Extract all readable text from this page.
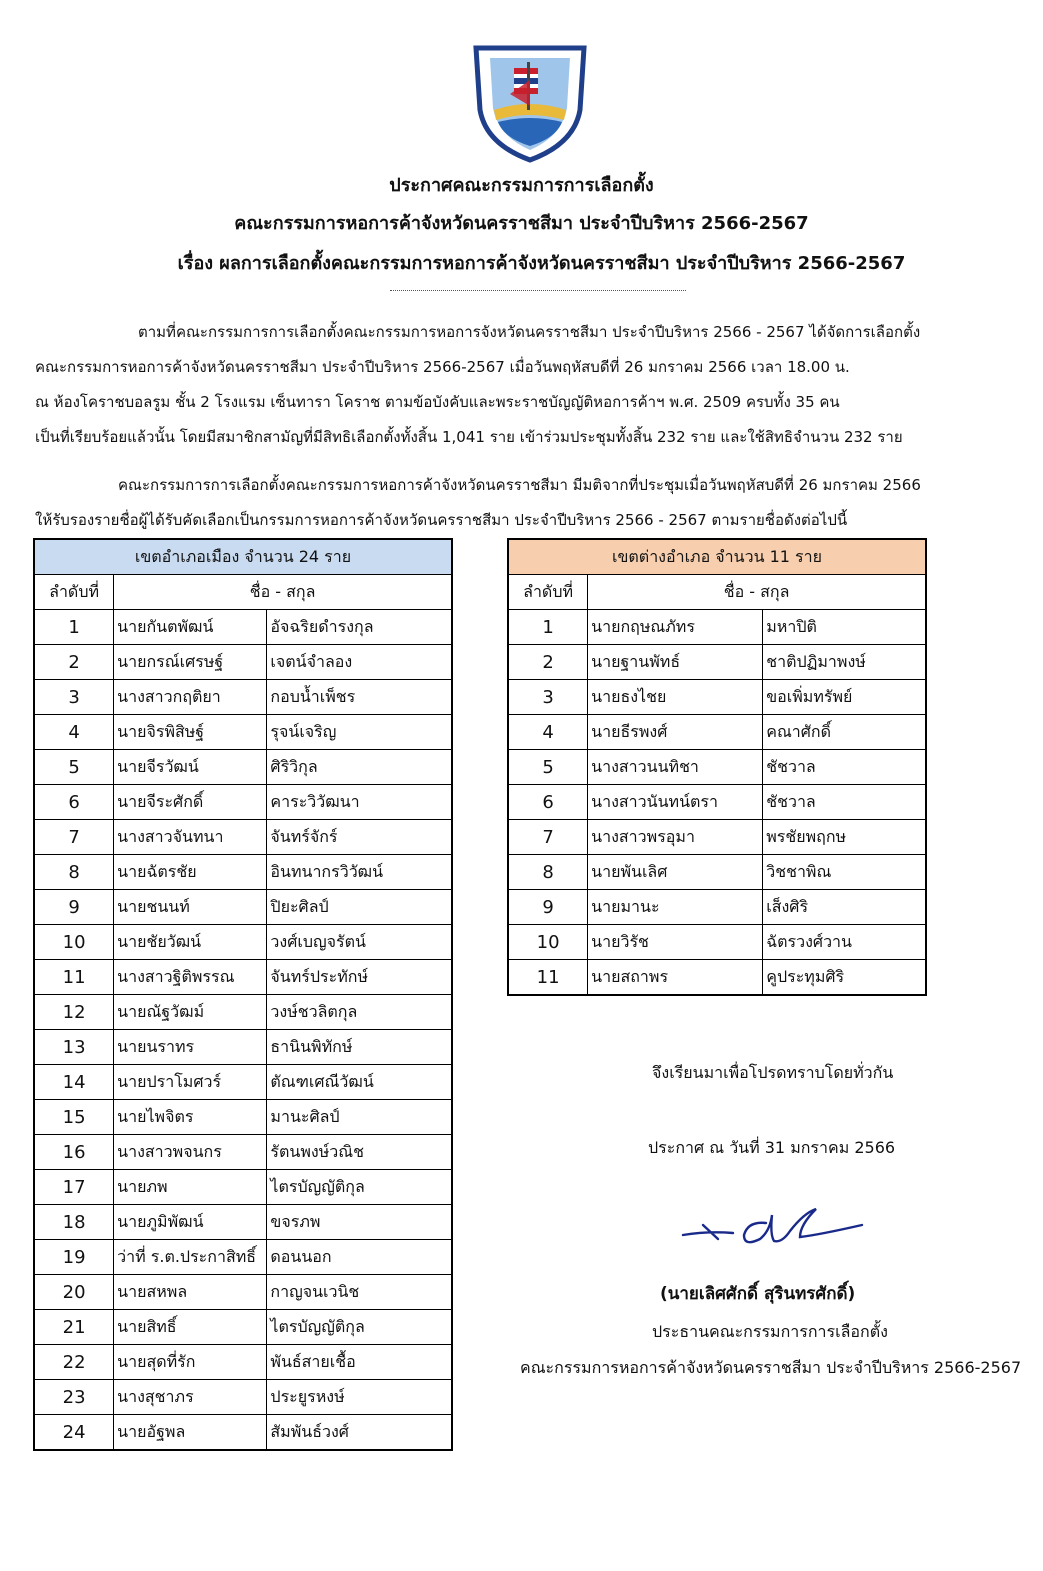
ประกาศคณะกรรมการการเลือกตั้ง
คณะกรรมการหอการค้าจังหวัดนครราชสีมา ประจำปีบริหาร 2566-2567
เรื่อง ผลการเลือกตั้งคณะกรรมการหอการค้าจังหวัดนครราชสีมา ประจำปีบริหาร 2566-2567
ตามที่คณะกรรมการการเลือกตั้งคณะกรรมการหอการจังหวัดนครราชสีมา ประจำปีบริหาร 2566 - 2567 ได้จัดการเลือกตั้ง
คณะกรรมการหอการค้าจังหวัดนครราชสีมา ประจำปีบริหาร 2566-2567 เมื่อวันพฤหัสบดีที่ 26 มกราคม 2566 เวลา 18.00 น.
ณ ห้องโคราชบอลรูม ชั้น 2 โรงแรม เซ็นทารา โคราช ตามข้อบังคับและพระราชบัญญัติหอการค้าฯ พ.ศ. 2509 ครบทั้ง 35 คน
เป็นที่เรียบร้อยแล้วนั้น โดยมีสมาชิกสามัญที่มีสิทธิเลือกตั้งทั้งสิ้น 1,041 ราย เข้าร่วมประชุมทั้งสิ้น 232 ราย และใช้สิทธิจำนวน 232 ราย
คณะกรรมการการเลือกตั้งคณะกรรมการหอการค้าจังหวัดนครราชสีมา มีมติจากที่ประชุมเมื่อวันพฤหัสบดีที่ 26 มกราคม 2566
ให้รับรองรายชื่อผู้ได้รับคัดเลือกเป็นกรรมการหอการค้าจังหวัดนครราชสีมา ประจำปีบริหาร 2566 - 2567 ตามรายชื่อดังต่อไปนี้
เขตอำเภอเมือง จำนวน 24 ราย		
ลำดับที่	ชื่อ - สกุล	
1	นายกันตพัฒน์	อัจฉริยดำรงกุล
2	นายกรณ์เศรษฐ์	เจตน์จำลอง
3	นางสาวกฤติยา	กอบน้ำเพ็ชร
4	นายจิรพิสิษฐ์	รุจน์เจริญ
5	นายจีรวัฒน์	ศิริวิกุล
6	นายจีระศักดิ์	คาระวิวัฒนา
7	นางสาวจันทนา	จันทร์จักร์
8	นายฉัตรชัย	อินทนากรวิวัฒน์
9	นายชนนท์	ปิยะศิลป์
10	นายชัยวัฒน์	วงศ์เบญจรัตน์
11	นางสาวฐิติพรรณ	จันทร์ประทักษ์
12	นายณัฐวัฒม์	วงษ์ชวลิตกุล
13	นายนราทร	ธานินพิทักษ์
14	นายปราโมศวร์	ตัณฑเศณีวัฒน์
15	นายไพจิตร	มานะศิลป์
16	นางสาวพจนกร	รัตนพงษ์วณิช
17	นายภพ	ไตรบัญญัติกุล
18	นายภูมิพัฒน์	ขจรภพ
19	ว่าที่ ร.ต.ประกาสิทธิ์	ดอนนอก
20	นายสหพล	กาญจนเวนิช
21	นายสิทธิ์	ไตรบัญญัติกุล
22	นายสุดที่รัก	พันธ์สายเชื้อ
23	นางสุชาภร	ประยูรหงษ์
24	นายอัฐพล	สัมพันธ์วงศ์
เขตต่างอำเภอ จำนวน 11 ราย		
ลำดับที่	ชื่อ - สกุล	
1	นายกฤษณภัทร	มหาปิติ
2	นายฐานพัทธ์	ชาติปฏิมาพงษ์
3	นายธงไชย	ขอเพิ่มทรัพย์
4	นายธีรพงศ์	คณาศักดิ์
5	นางสาวนนทิชา	ชัชวาล
6	นางสาวนันทน์ตรา	ชัชวาล
7	นางสาวพรอุมา	พรชัยพฤกษ
8	นายพันเลิศ	วิชชาพิณ
9	นายมานะ	เส็งศิริ
10	นายวิรัช	ฉัตรวงศ์วาน
11	นายสถาพร	คูประทุมศิริ
จึงเรียนมาเพื่อโปรดทราบโดยทั่วกัน
ประกาศ ณ วันที่ 31 มกราคม 2566
(นายเลิศศักดิ์ สุรินทรศักดิ์)
ประธานคณะกรรมการการเลือกตั้ง
คณะกรรมการหอการค้าจังหวัดนครราชสีมา ประจำปีบริหาร 2566-2567
